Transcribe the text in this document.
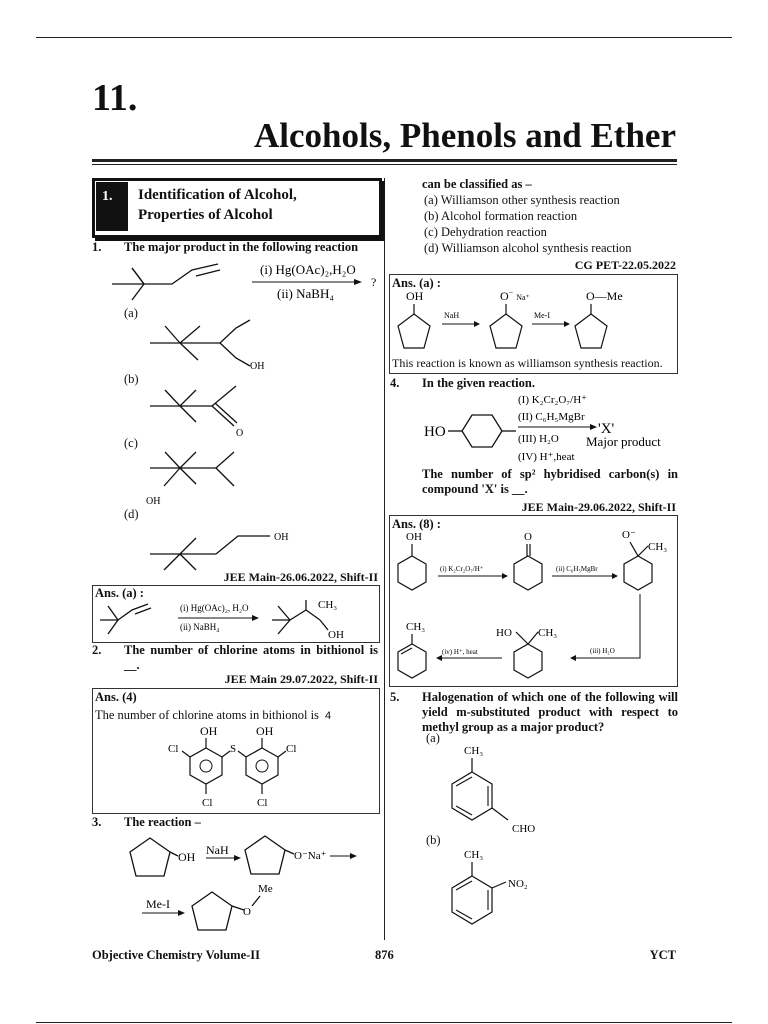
11.
Alcohols, Phenols and Ether
1. Identification of Alcohol,
Properties of Alcohol
1. The major product in the following reaction
(i) Hg(OAc)₂,H₂O
(ii) NaBH₄
?
(a)
OH
(b)
O
(c)
OH
(d)
OH
JEE Main-26.06.2022, Shift-II
Ans. (a) :
(i) Hg(OAc)₂, H₂O
(ii) NaBH₄
CH₃
OH
2. The number of chlorine atoms in bithionol is __.
JEE Main 29.07.2022, Shift-II
Ans. (4)
The number of chlorine atoms in bithionol is 4
OH	OH
S
Cl	Cl
Cl	Cl
3. The reaction –
OH NaH	O⁻Na⁺
Me-I
O
Me
can be classified as –
(a) Williamson other synthesis reaction
(b) Alcohol formation reaction
(c) Dehydration reaction
(d) Williamson alcohol synthesis reaction
CG PET-22.05.2022
Ans. (a) :
OH
NaH
$O^-_{Na^+}$
Me-I
O—Me
This reaction is known as williamson synthesis reaction.
4. In the given reaction.
HO
(I) K₂Cr₂O₇/H⁺
(II) C₆H₅MgBr
(III) H₂O
(IV) H⁺,heat
'X'
Major product
The number of sp² hybridised carbon(s) in
compound 'X' is __.
JEE Main-29.06.2022, Shift-II
Ans. (8) :
OH
(i) K₂Cr₂O₇/H⁺
O
(ii) C₆H₅MgBr
O⁻
CH₃
(iii) H₂O
HO CH₃
(iv) H⁺, heat
CH₃
5. Halogenation of which one of the following will
yield m-substituted product with respect to
methyl group as a major product?
(a)
CH₃
CHO
(b)
CH₃
NO₂
Objective Chemistry Volume-II	876	YCT
